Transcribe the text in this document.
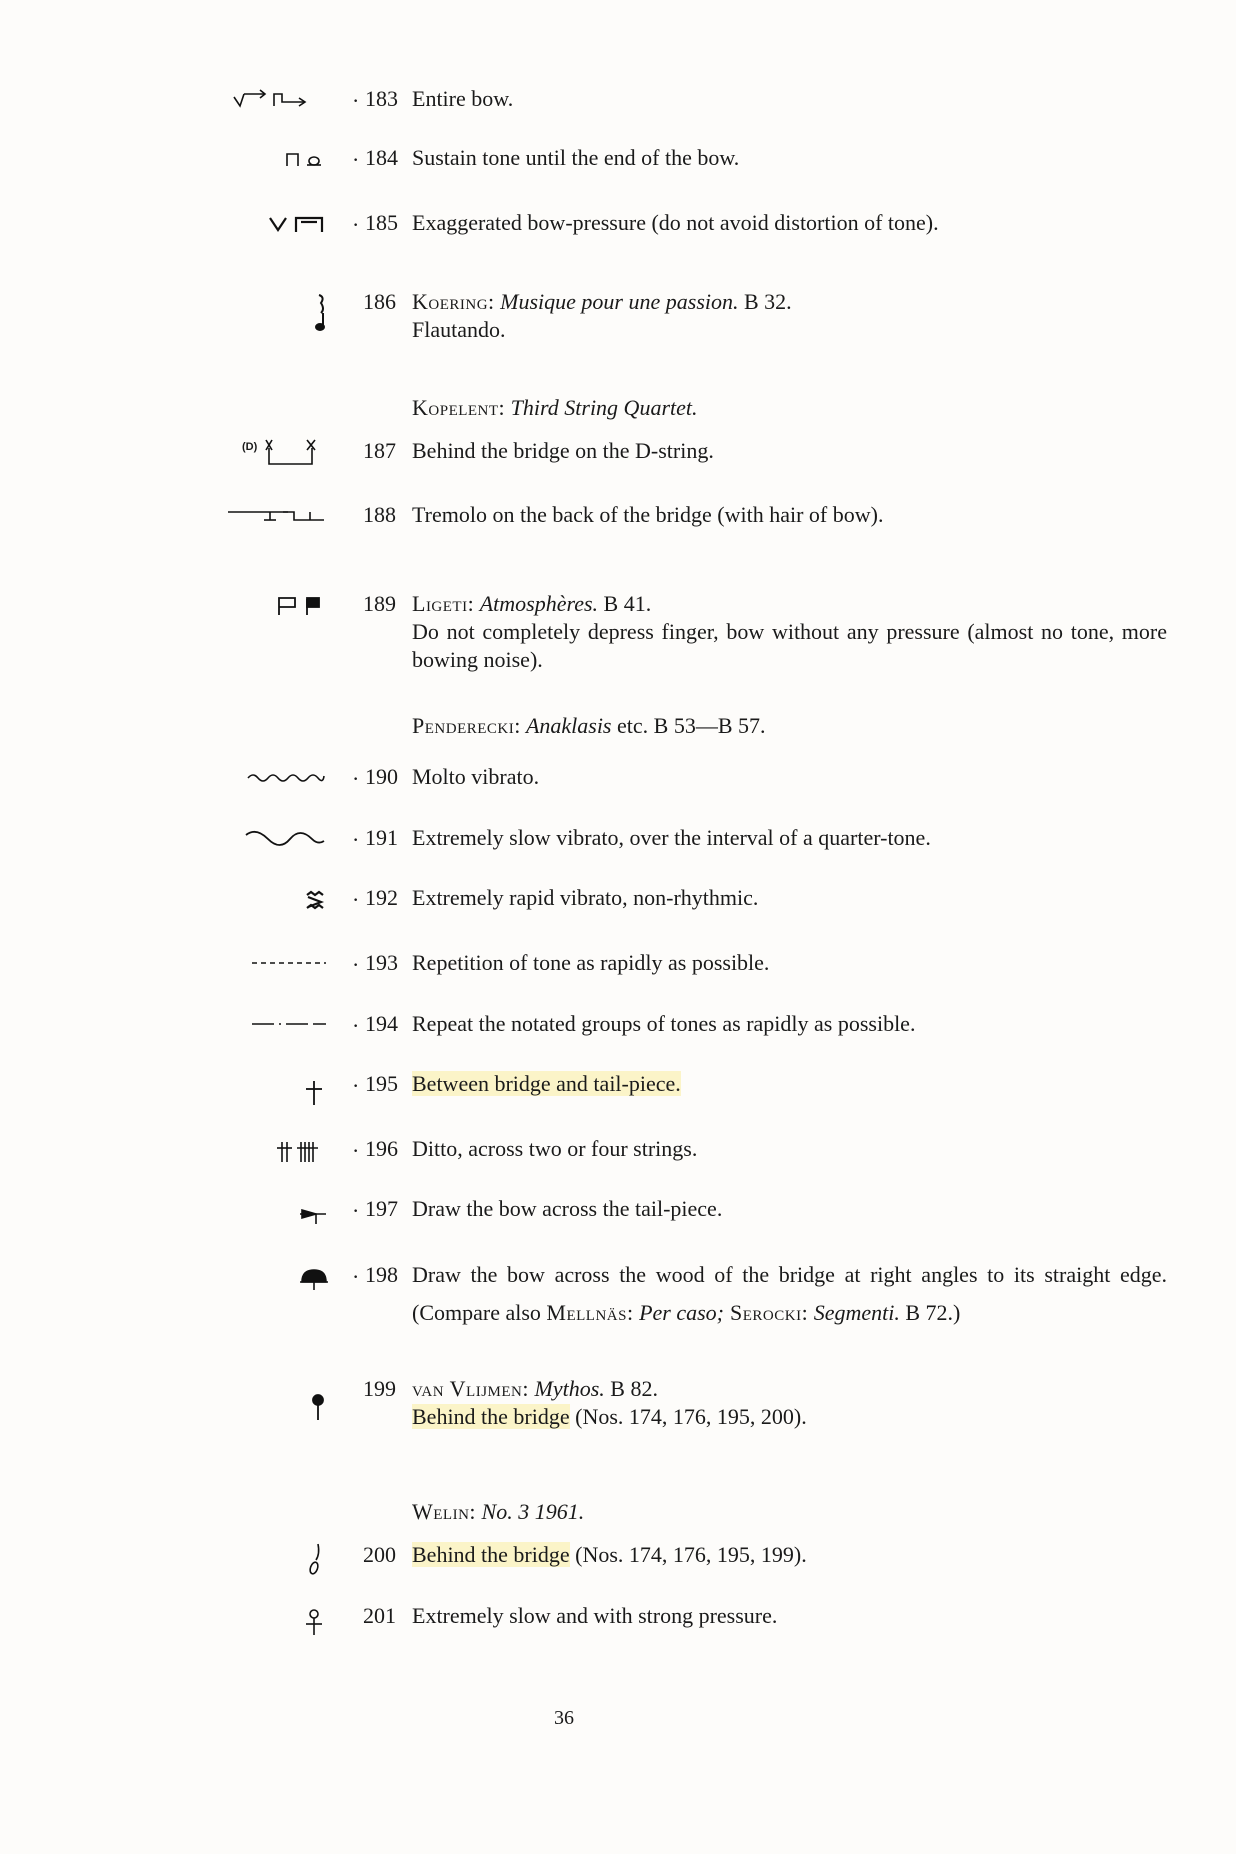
· 183 Entire bow.
· 184 Sustain tone until the end of the bow.
· 185 Exaggerated bow-pressure (do not avoid distortion of tone).
186 Koering: Musique pour une passion. B 32.

Flautando.

Kopelent: Third String Quartet.
(D)	187 Behind the bridge on the D-string.
188 Tremolo on the back of the bridge (with hair of bow).
189 Ligeti: Atmosphères. B 41.

Do not completely depress finger, bow without any pressure (almost no tone, more bowing noise).

Penderecki: Anaklasis etc. B 53—B 57.
· 190 Molto vibrato.
· 191 Extremely slow vibrato, over the interval of a quarter-tone.
· 192 Extremely rapid vibrato, non-rhythmic.
· 193 Repetition of tone as rapidly as possible.
· 194 Repeat the notated groups of tones as rapidly as possible.
· 195 Between bridge and tail-piece.
· 196 Ditto, across two or four strings.
· 197 Draw the bow across the tail-piece.
· 198 Draw the bow across the wood of the bridge at right angles to its straight edge. (Compare also Mellnäs: Per caso; Serocki: Segmenti. B 72.)
199 van Vlijmen: Mythos. B 82.

Behind the bridge (Nos. 174, 176, 195, 200).

Welin: No. 3 1961.
200 Behind the bridge (Nos. 174, 176, 195, 199).
201 Extremely slow and with strong pressure.
36
